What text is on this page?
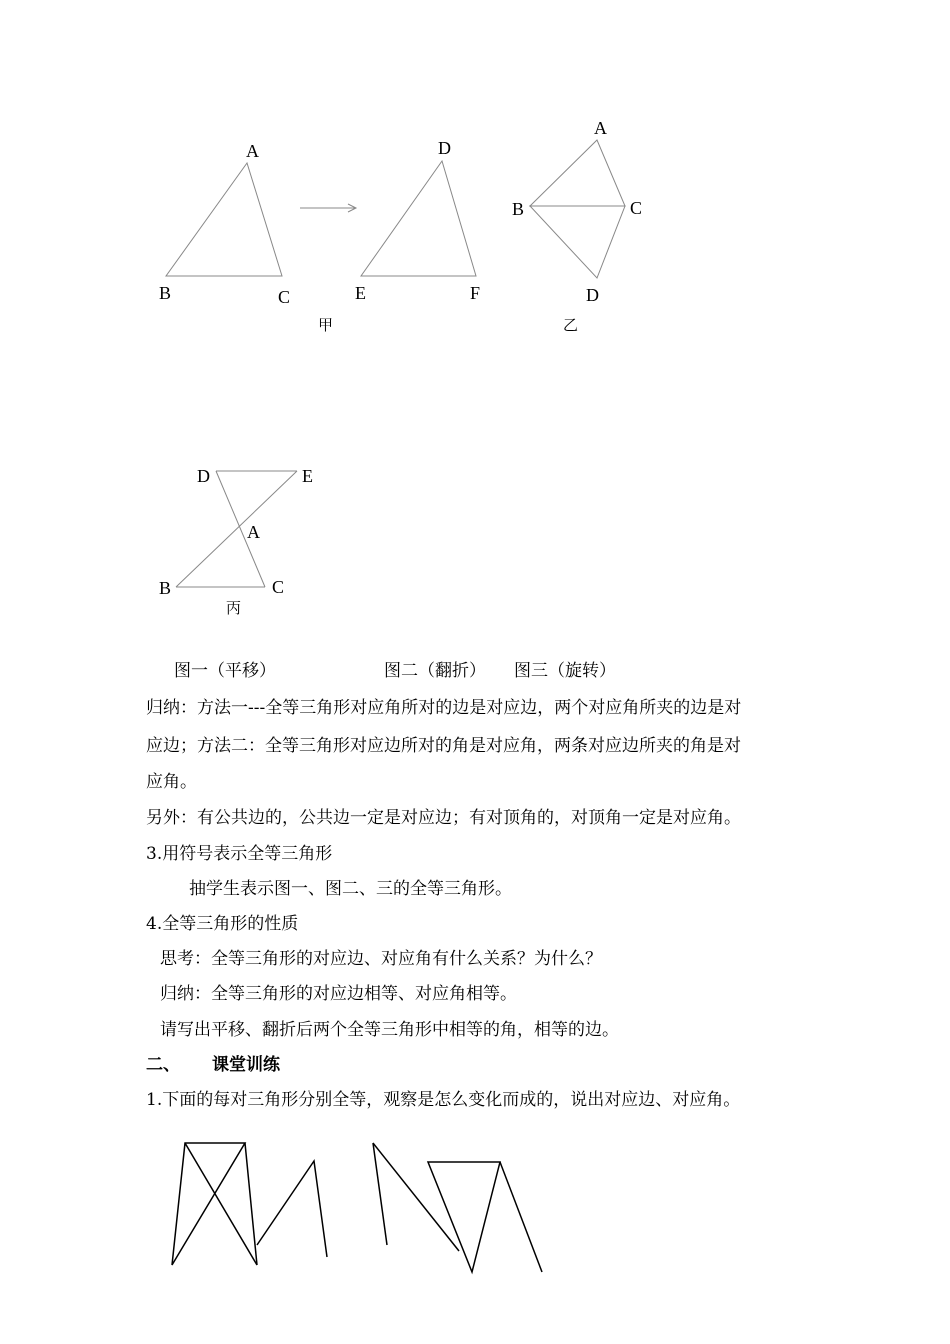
A
B	C
D
E	F
甲
A
B	C
D
乙
D	E
A
B	C
丙
图一（平移）	图二（翻折） 图三（旋转）
归纳：方法一---全等三角形对应角所对的边是对应边，两个对应角所夹的边是对
应边；方法二：全等三角形对应边所对的角是对应角，两条对应边所夹的角是对
应角。
另外：有公共边的，公共边一定是对应边；有对顶角的，对顶角一定是对应角。
3.用符号表示全等三角形
抽学生表示图一、图二、三的全等三角形。
4.全等三角形的性质
思考：全等三角形的对应边、对应角有什么关系？为什么？
归纳：全等三角形的对应边相等、对应角相等。
请写出平移、翻折后两个全等三角形中相等的角，相等的边。
二、 课堂训练
1.下面的每对三角形分别全等，观察是怎么变化而成的，说出对应边、对应角。
